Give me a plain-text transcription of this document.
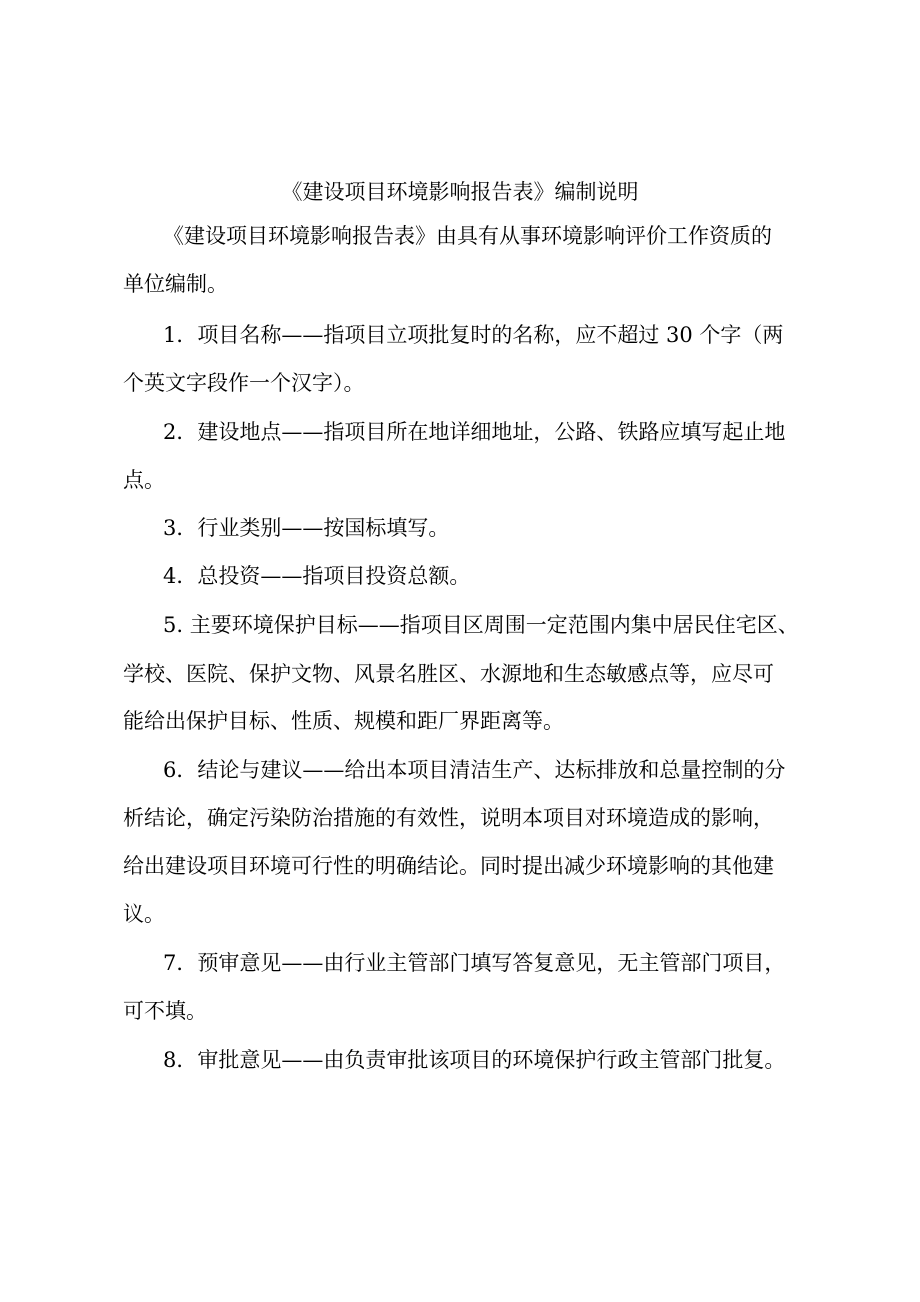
《建设项目环境影响报告表》编制说明
《建设项目环境影响报告表》由具有从事环境影响评价工作资质的
单位编制。
1．项目名称——指项目立项批复时的名称，应不超过 30 个字（两
个英文字段作一个汉字）。
2．建设地点——指项目所在地详细地址，公路、铁路应填写起止地
点。
3．行业类别——按国标填写。
4．总投资——指项目投资总额。
5. 主要环境保护目标——指项目区周围一定范围内集中居民住宅区、
学校、医院、保护文物、风景名胜区、水源地和生态敏感点等，应尽可
能给出保护目标、性质、规模和距厂界距离等。
6．结论与建议——给出本项目清洁生产、达标排放和总量控制的分
析结论，确定污染防治措施的有效性，说明本项目对环境造成的影响，
给出建设项目环境可行性的明确结论。同时提出减少环境影响的其他建
议。
7．预审意见——由行业主管部门填写答复意见，无主管部门项目，
可不填。
8．审批意见——由负责审批该项目的环境保护行政主管部门批复。
